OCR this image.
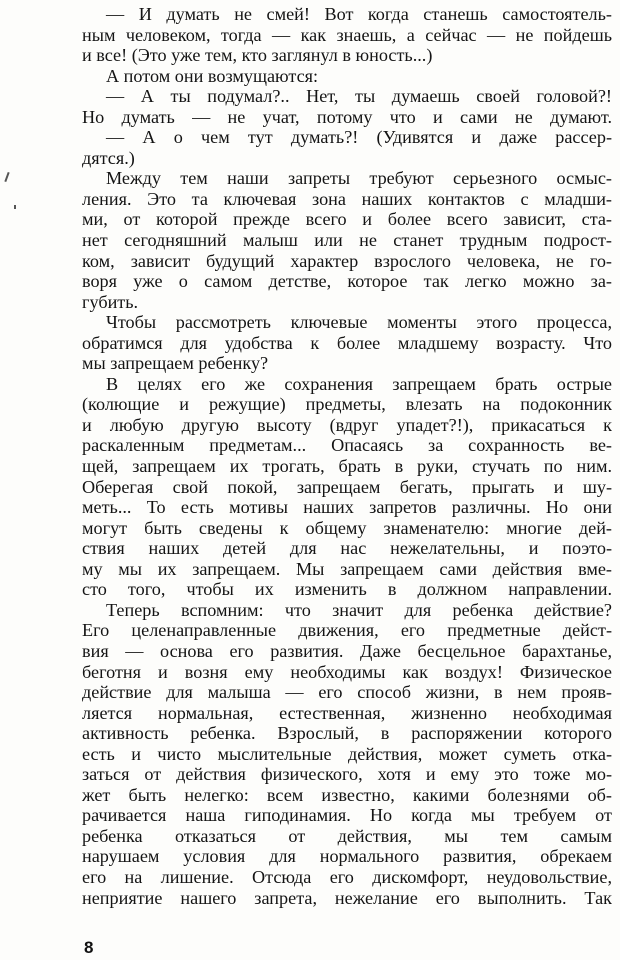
— И думать не смей! Вот когда станешь самостоятель-
ным человеком, тогда — как знаешь, а сейчас — не пойдешь
и все! (Это уже тем, кто заглянул в юность...)
А потом они возмущаются:
— А ты подумал?.. Нет, ты думаешь своей головой?!
Но думать — не учат, потому что и сами не думают.
— А о чем тут думать?! (Удивятся и даже рассер-
дятся.)
Между тем наши запреты требуют серьезного осмыс-
ления. Это та ключевая зона наших контактов с младши-
ми, от которой прежде всего и более всего зависит, ста-
нет сегодняшний малыш или не станет трудным подрост-
ком, зависит будущий характер взрослого человека, не го-
воря уже о самом детстве, которое так легко можно за-
губить.
Чтобы рассмотреть ключевые моменты этого процесса,
обратимся для удобства к более младшему возрасту. Что
мы запрещаем ребенку?
В целях его же сохранения запрещаем брать острые
(колющие и режущие) предметы, влезать на подоконник
и любую другую высоту (вдруг упадет?!), прикасаться к
раскаленным предметам... Опасаясь за сохранность ве-
щей, запрещаем их трогать, брать в руки, стучать по ним.
Оберегая свой покой, запрещаем бегать, прыгать и шу-
меть... То есть мотивы наших запретов различны. Но они
могут быть сведены к общему знаменателю: многие дей-
ствия наших детей для нас нежелательны, и поэто-
му мы их запрещаем. Мы запрещаем сами действия вме-
сто того, чтобы их изменить в должном направлении.
Теперь вспомним: что значит для ребенка действие?
Его целенаправленные движения, его предметные дейст-
вия — основа его развития. Даже бесцельное барахтанье,
беготня и возня ему необходимы как воздух! Физическое
действие для малыша — его способ жизни, в нем прояв-
ляется нормальная, естественная, жизненно необходимая
активность ребенка. Взрослый, в распоряжении которого
есть и чисто мыслительные действия, может суметь отка-
заться от действия физического, хотя и ему это тоже мо-
жет быть нелегко: всем известно, какими болезнями об-
рачивается наша гиподинамия. Но когда мы требуем от
ребенка отказаться от действия, мы тем самым
нарушаем условия для нормального развития, обрекаем
его на лишение. Отсюда его дискомфорт, неудовольствие,
неприятие нашего запрета, нежелание его выполнить. Так
8
